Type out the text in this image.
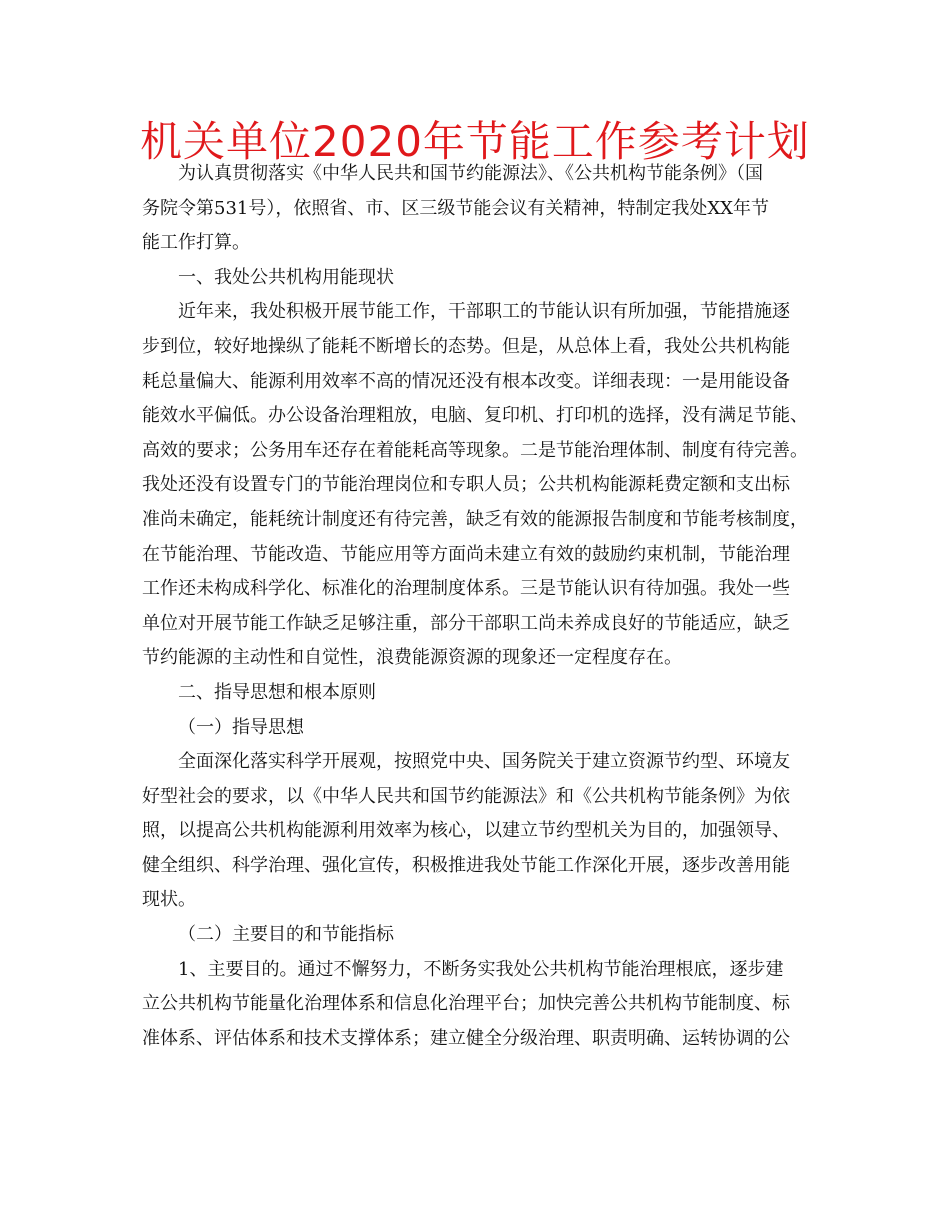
机关单位2020年节能工作参考计划
为认真贯彻落实《中华人民共和国节约能源法》、《公共机构节能条例》（国
务院令第531号），依照省、市、区三级节能会议有关精神，特制定我处XX年节
能工作打算。
一、我处公共机构用能现状
近年来，我处积极开展节能工作，干部职工的节能认识有所加强，节能措施逐
步到位，较好地操纵了能耗不断增长的态势。但是，从总体上看，我处公共机构能
耗总量偏大、能源利用效率不高的情况还没有根本改变。详细表现：一是用能设备
能效水平偏低。办公设备治理粗放，电脑、复印机、打印机的选择，没有满足节能、
高效的要求；公务用车还存在着能耗高等现象。二是节能治理体制、制度有待完善。
我处还没有设置专门的节能治理岗位和专职人员；公共机构能源耗费定额和支出标
准尚未确定，能耗统计制度还有待完善，缺乏有效的能源报告制度和节能考核制度，
在节能治理、节能改造、节能应用等方面尚未建立有效的鼓励约束机制，节能治理
工作还未构成科学化、标准化的治理制度体系。三是节能认识有待加强。我处一些
单位对开展节能工作缺乏足够注重，部分干部职工尚未养成良好的节能适应，缺乏
节约能源的主动性和自觉性，浪费能源资源的现象还一定程度存在。
二、指导思想和根本原则
（一）指导思想
全面深化落实科学开展观，按照党中央、国务院关于建立资源节约型、环境友
好型社会的要求，以《中华人民共和国节约能源法》和《公共机构节能条例》为依
照，以提高公共机构能源利用效率为核心，以建立节约型机关为目的，加强领导、
健全组织、科学治理、强化宣传，积极推进我处节能工作深化开展，逐步改善用能
现状。
（二）主要目的和节能指标
1、主要目的。通过不懈努力，不断务实我处公共机构节能治理根底，逐步建
立公共机构节能量化治理体系和信息化治理平台；加快完善公共机构节能制度、标
准体系、评估体系和技术支撑体系；建立健全分级治理、职责明确、运转协调的公
